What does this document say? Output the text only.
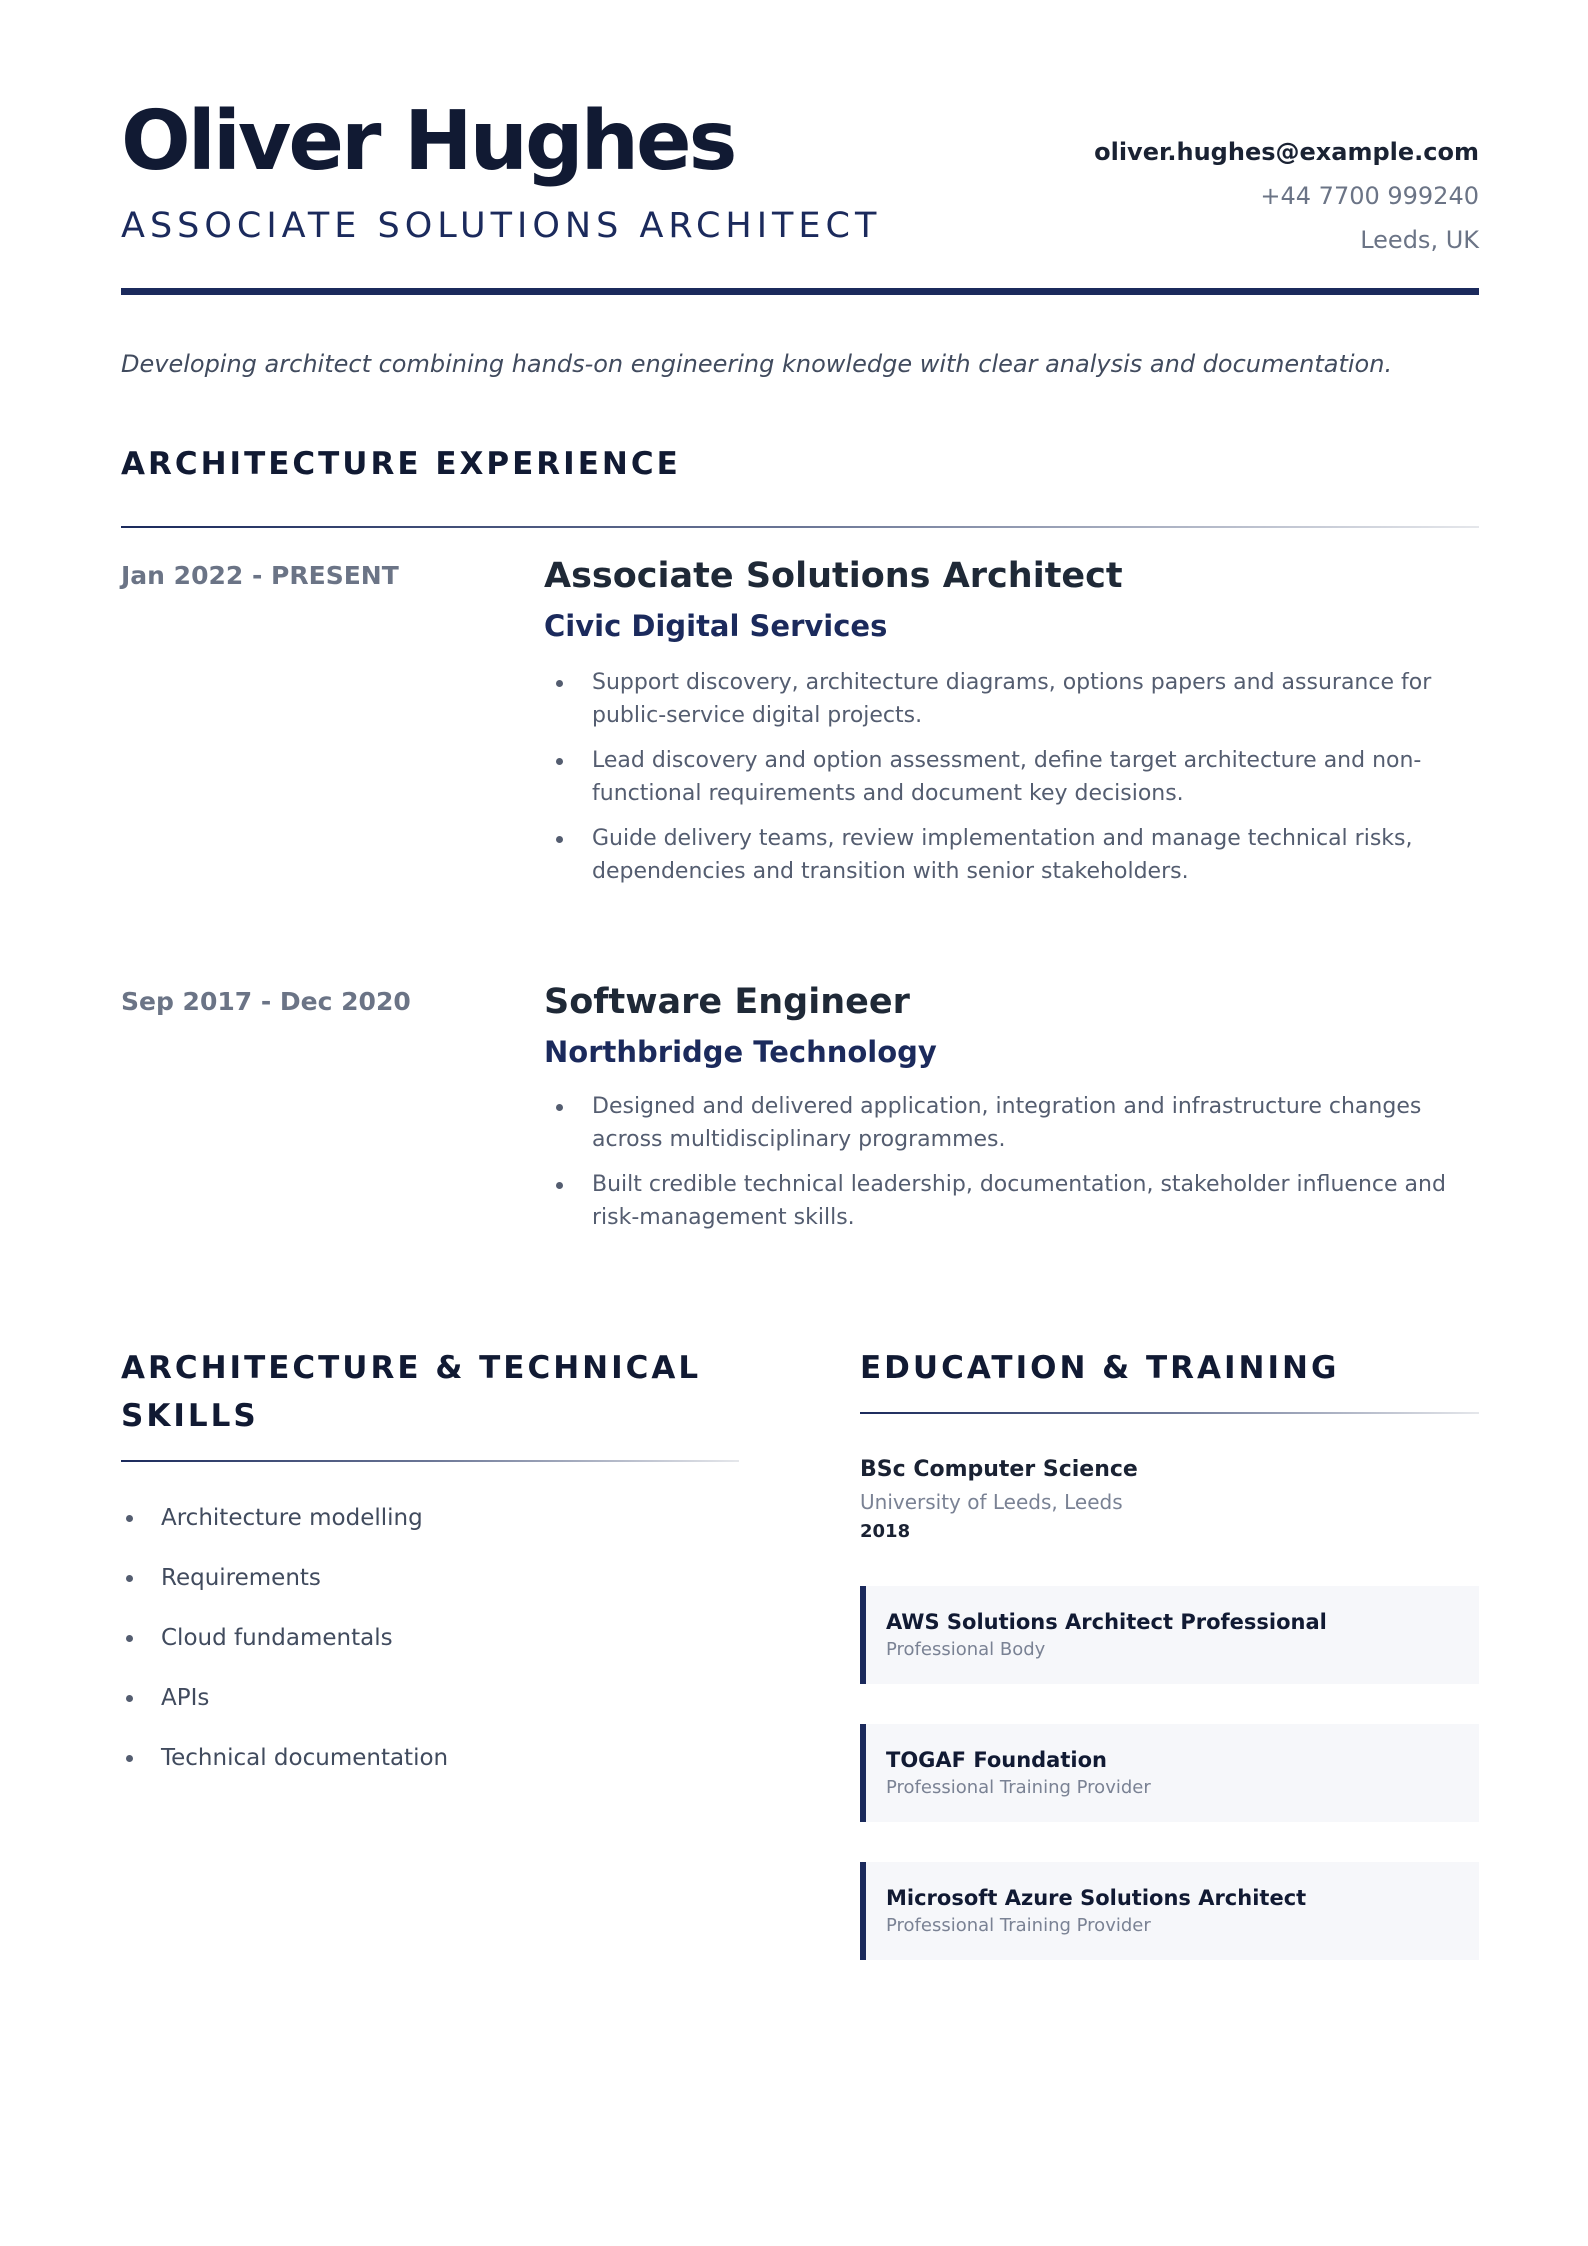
Oliver Hughes
ASSOCIATE SOLUTIONS ARCHITECT
oliver.hughes@example.com
+44 7700 999240
Leeds, UK

Developing architect combining hands-on engineering knowledge with clear analysis and documentation.

ARCHITECTURE EXPERIENCE
Jan 2022 - PRESENT	Associate Solutions Architect
Civic Digital Services
Support discovery, architecture diagrams, options papers and assurance for public-service digital projects.
Lead discovery and option assessment, define target architecture and non-functional requirements and document key decisions.
Guide delivery teams, review implementation and manage technical risks, dependencies and transition with senior stakeholders.
Sep 2017 - Dec 2020	Software Engineer
Northbridge Technology
Designed and delivered application, integration and infrastructure changes across multidisciplinary programmes.
Built credible technical leadership, documentation, stakeholder influence and risk-management skills.
ARCHITECTURE & TECHNICAL SKILLS
Architecture modelling
Requirements
Cloud fundamentals
APIs
Technical documentation
EDUCATION & TRAINING
BSc Computer Science
University of Leeds, Leeds
2018
AWS Solutions Architect Professional
Professional Body
TOGAF Foundation
Professional Training Provider
Microsoft Azure Solutions Architect
Professional Training Provider
